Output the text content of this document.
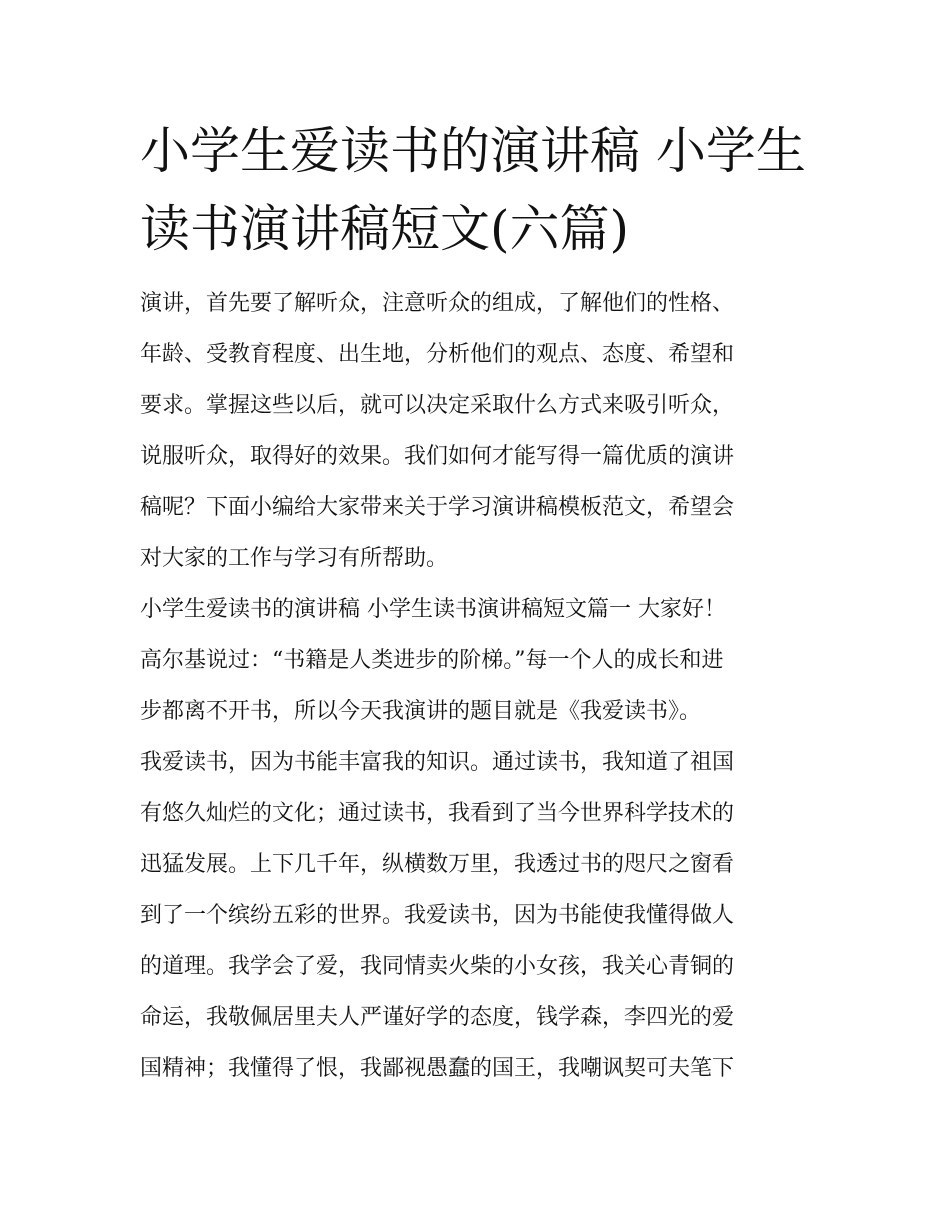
小学生爱读书的演讲稿 小学生
读书演讲稿短文(六篇)
演讲，首先要了解听众，注意听众的组成，了解他们的性格、
年龄、受教育程度、出生地，分析他们的观点、态度、希望和
要求。掌握这些以后，就可以决定采取什么方式来吸引听众，
说服听众，取得好的效果。我们如何才能写得一篇优质的演讲
稿呢？下面小编给大家带来关于学习演讲稿模板范文，希望会
对大家的工作与学习有所帮助。
小学生爱读书的演讲稿 小学生读书演讲稿短文篇一 大家好！
高尔基说过：“书籍是人类进步的阶梯。”每一个人的成长和进
步都离不开书，所以今天我演讲的题目就是《我爱读书》。
我爱读书，因为书能丰富我的知识。通过读书，我知道了祖国
有悠久灿烂的文化；通过读书，我看到了当今世界科学技术的
迅猛发展。上下几千年，纵横数万里，我透过书的咫尺之窗看
到了一个缤纷五彩的世界。我爱读书，因为书能使我懂得做人
的道理。我学会了爱，我同情卖火柴的小女孩，我关心青铜的
命运，我敬佩居里夫人严谨好学的态度，钱学森，李四光的爱
国精神；我懂得了恨，我鄙视愚蠢的国王，我嘲讽契可夫笔下
